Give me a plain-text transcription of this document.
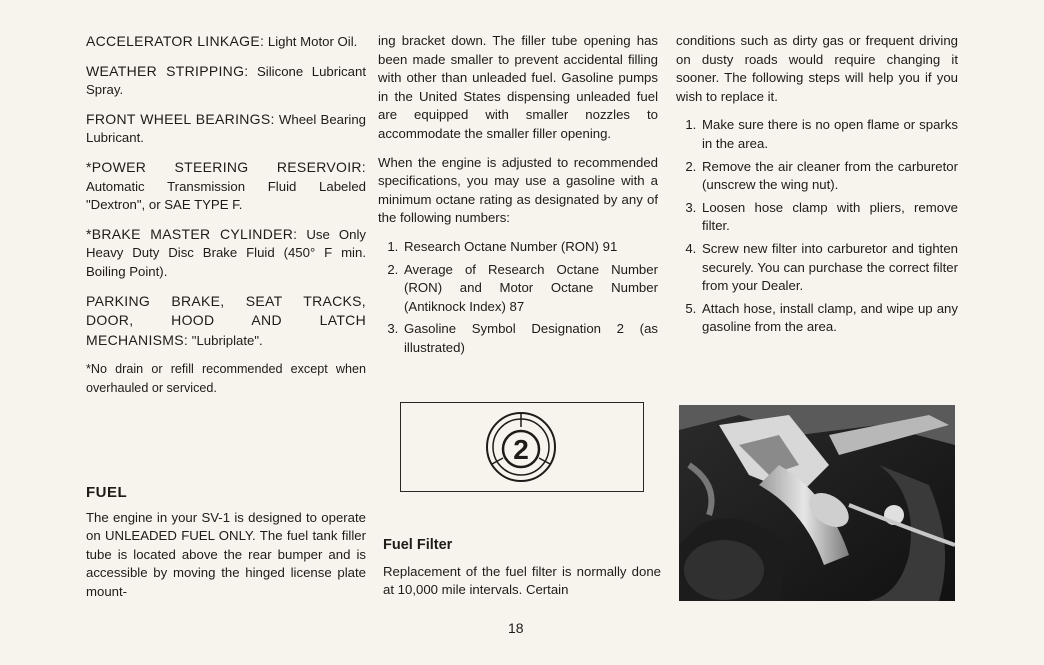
ACCELERATOR LINKAGE: Light Motor Oil.

WEATHER STRIPPING: Silicone Lubricant Spray.

FRONT WHEEL BEARINGS: Wheel Bearing Lubricant.

*POWER STEERING RESERVOIR: Automatic Transmission Fluid Labeled "Dextron", or SAE TYPE F.

*BRAKE MASTER CYLINDER: Use Only Heavy Duty Disc Brake Fluid (450° F min. Boiling Point).

PARKING BRAKE, SEAT TRACKS, DOOR, HOOD AND LATCH MECHANISMS: "Lubriplate".

*No drain or refill recommended except when overhauled or serviced.

FUEL

The engine in your SV-1 is designed to operate on UNLEADED FUEL ONLY. The fuel tank filler tube is located above the rear bumper and is accessible by moving the hinged license plate mount-

ing bracket down. The filler tube opening has been made smaller to prevent accidental filling with other than unleaded fuel. Gasoline pumps in the United States dispensing unleaded fuel are equipped with smaller nozzles to accommodate the smaller filler opening.

When the engine is adjusted to recommended specifications, you may use a gasoline with a minimum octane rating as designated by any of the following numbers:

1. Research Octane Number (RON) 91
2. Average of Research Octane Number (RON) and Motor Octane Number (Antiknock Index) 87
3. Gasoline Symbol Designation 2 (as illustrated)
2
Fuel Filter

Replacement of the fuel filter is normally done at 10,000 mile intervals. Certain

conditions such as dirty gas or frequent driving on dusty roads would require changing it sooner. The following steps will help you if you wish to replace it.

1. Make sure there is no open flame or sparks in the area.
2. Remove the air cleaner from the carburetor (unscrew the wing nut).
3. Loosen hose clamp with pliers, remove filter.
4. Screw new filter into carburetor and tighten securely. You can purchase the correct filter from your Dealer.
5. Attach hose, install clamp, and wipe up any gasoline from the area.
18
